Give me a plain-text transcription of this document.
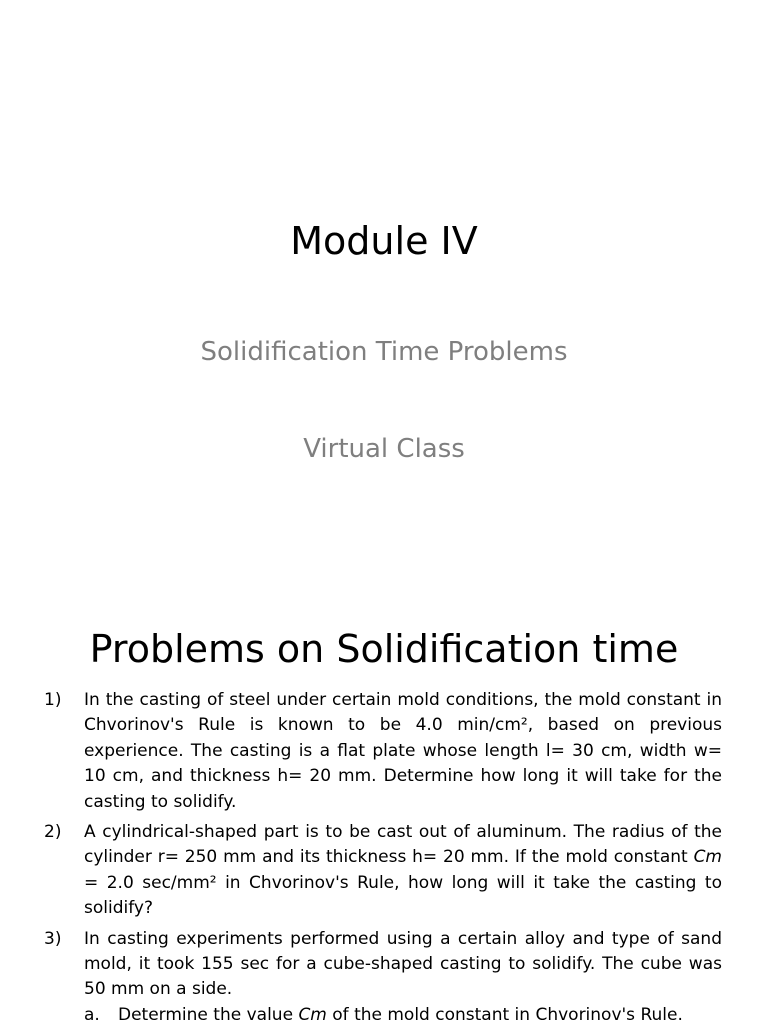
Module IV
Solidification Time Problems
Virtual Class
Problems on Solidification time
1) In the casting of steel under certain mold conditions, the mold constant in Chvorinov's Rule is known to be 4.0 min/cm², based on previous experience. The casting is a flat plate whose length l= 30 cm, width w= 10 cm, and thickness h= 20 mm. Determine how long it will take for the casting to solidify.
2) A cylindrical-shaped part is to be cast out of aluminum. The radius of the cylinder r= 250 mm and its thickness h= 20 mm. If the mold constant Cm = 2.0 sec/mm² in Chvorinov's Rule, how long will it take the casting to solidify?
3) In casting experiments performed using a certain alloy and type of sand mold, it took 155 sec for a cube-shaped casting to solidify. The cube was 50 mm on a side.
a. Determine the value Cm of the mold constant in Chvorinov's Rule.
